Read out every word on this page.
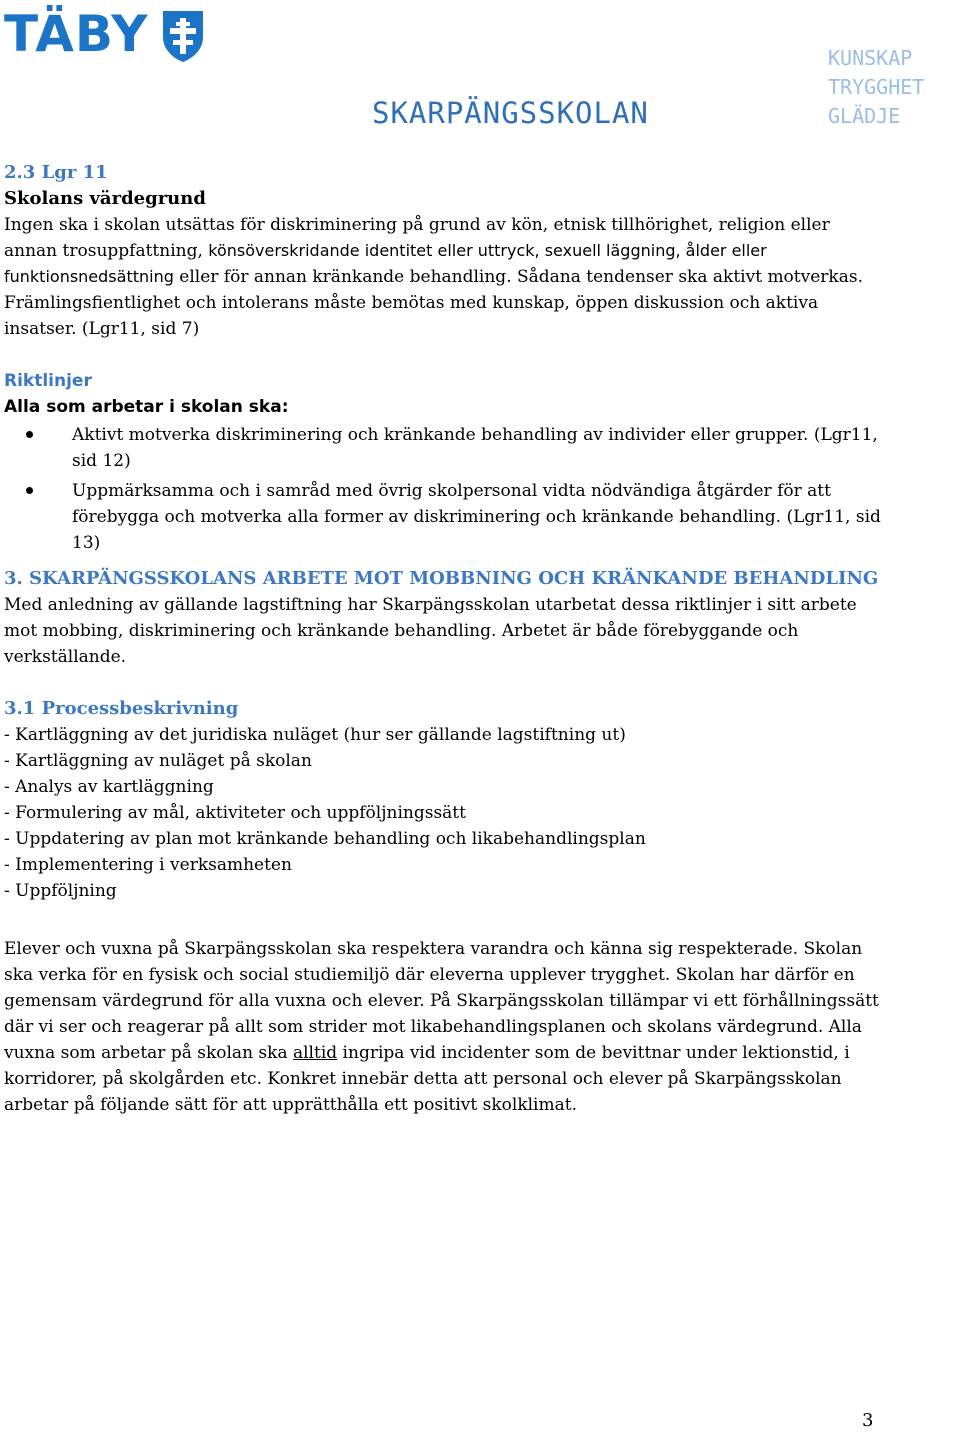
TÄBY
SKARPÄNGSSKOLAN
KUNSKAP
TRYGGHET
GLÄDJE
2.3 Lgr 11
Skolans värdegrund
Ingen ska i skolan utsättas för diskriminering på grund av kön, etnisk tillhörighet, religion eller annan trosuppfattning, könsöverskridande identitet eller uttryck, sexuell läggning, ålder eller funktionsnedsättning eller för annan kränkande behandling. Sådana tendenser ska aktivt motverkas. Främlingsfientlighet och intolerans måste bemötas med kunskap, öppen diskussion och aktiva insatser. (Lgr11, sid 7)
Riktlinjer
Alla som arbetar i skolan ska:
Aktivt motverka diskriminering och kränkande behandling av individer eller grupper. (Lgr11, sid 12)
Uppmärksamma och i samråd med övrig skolpersonal vidta nödvändiga åtgärder för att förebygga och motverka alla former av diskriminering och kränkande behandling. (Lgr11, sid 13)
3. SKARPÄNGSSKOLANS ARBETE MOT MOBBNING OCH KRÄNKANDE BEHANDLING
Med anledning av gällande lagstiftning har Skarpängsskolan utarbetat dessa riktlinjer i sitt arbete mot mobbing, diskriminering och kränkande behandling. Arbetet är både förebyggande och verkställande.
3.1 Processbeskrivning
- Kartläggning av det juridiska nuläget (hur ser gällande lagstiftning ut)
- Kartläggning av nuläget på skolan
- Analys av kartläggning
- Formulering av mål, aktiviteter och uppföljningssätt
- Uppdatering av plan mot kränkande behandling och likabehandlingsplan
- Implementering i verksamheten
- Uppföljning
Elever och vuxna på Skarpängsskolan ska respektera varandra och känna sig respekterade. Skolan ska verka för en fysisk och social studiemiljö där eleverna upplever trygghet. Skolan har därför en gemensam värdegrund för alla vuxna och elever. På Skarpängsskolan tillämpar vi ett förhållningssätt där vi ser och reagerar på allt som strider mot likabehandlingsplanen och skolans värdegrund. Alla vuxna som arbetar på skolan ska alltid ingripa vid incidenter som de bevittnar under lektionstid, i korridorer, på skolgården etc. Konkret innebär detta att personal och elever på Skarpängsskolan arbetar på följande sätt för att upprätthålla ett positivt skolklimat.
3
